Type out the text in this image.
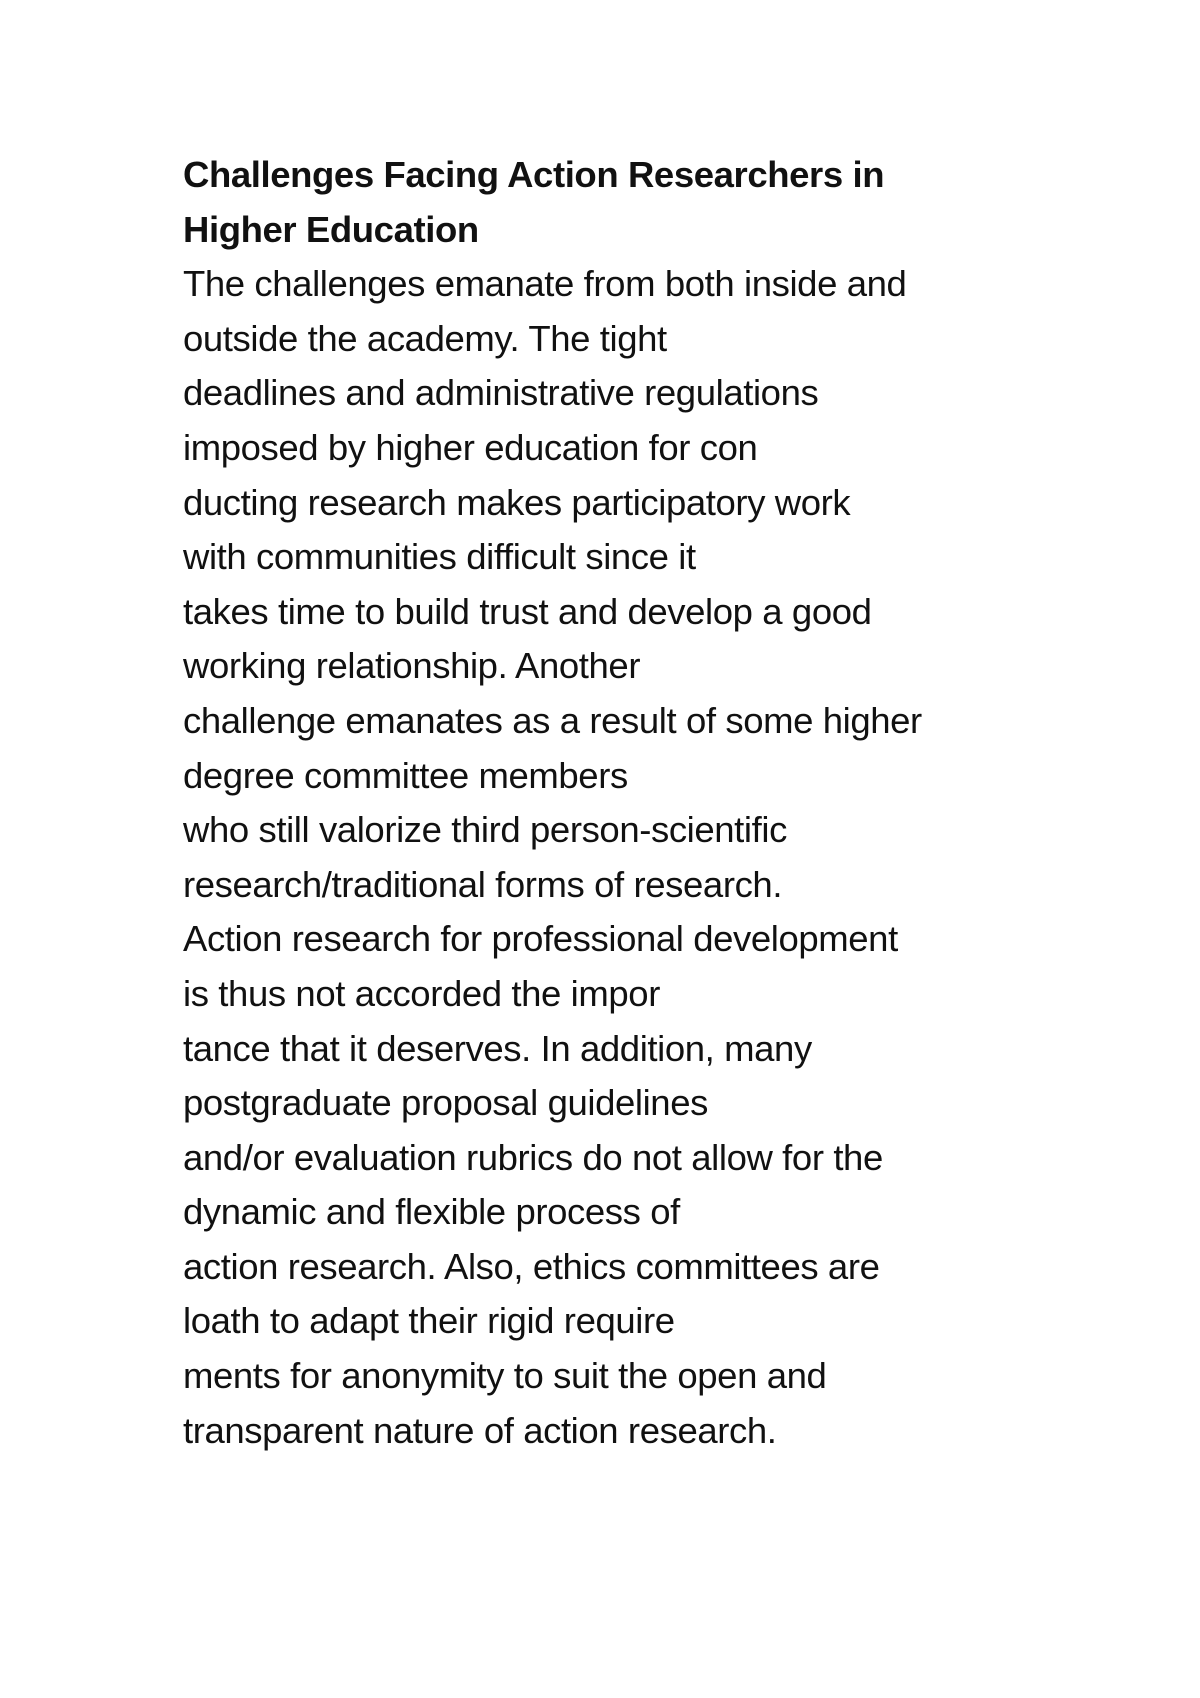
Challenges Facing Action Researchers in
Higher Education
The challenges emanate from both inside and
outside the academy. The tight
deadlines and administrative regulations
imposed by higher education for con
ducting research makes participatory work
with communities difficult since it
takes time to build trust and develop a good
working relationship. Another
challenge emanates as a result of some higher
degree committee members
who still valorize third person-scientific
research/traditional forms of research.
Action research for professional development
is thus not accorded the impor
tance that it deserves. In addition, many
postgraduate proposal guidelines
and/or evaluation rubrics do not allow for the
dynamic and flexible process of
action research. Also, ethics committees are
loath to adapt their rigid require
ments for anonymity to suit the open and
transparent nature of action research.
